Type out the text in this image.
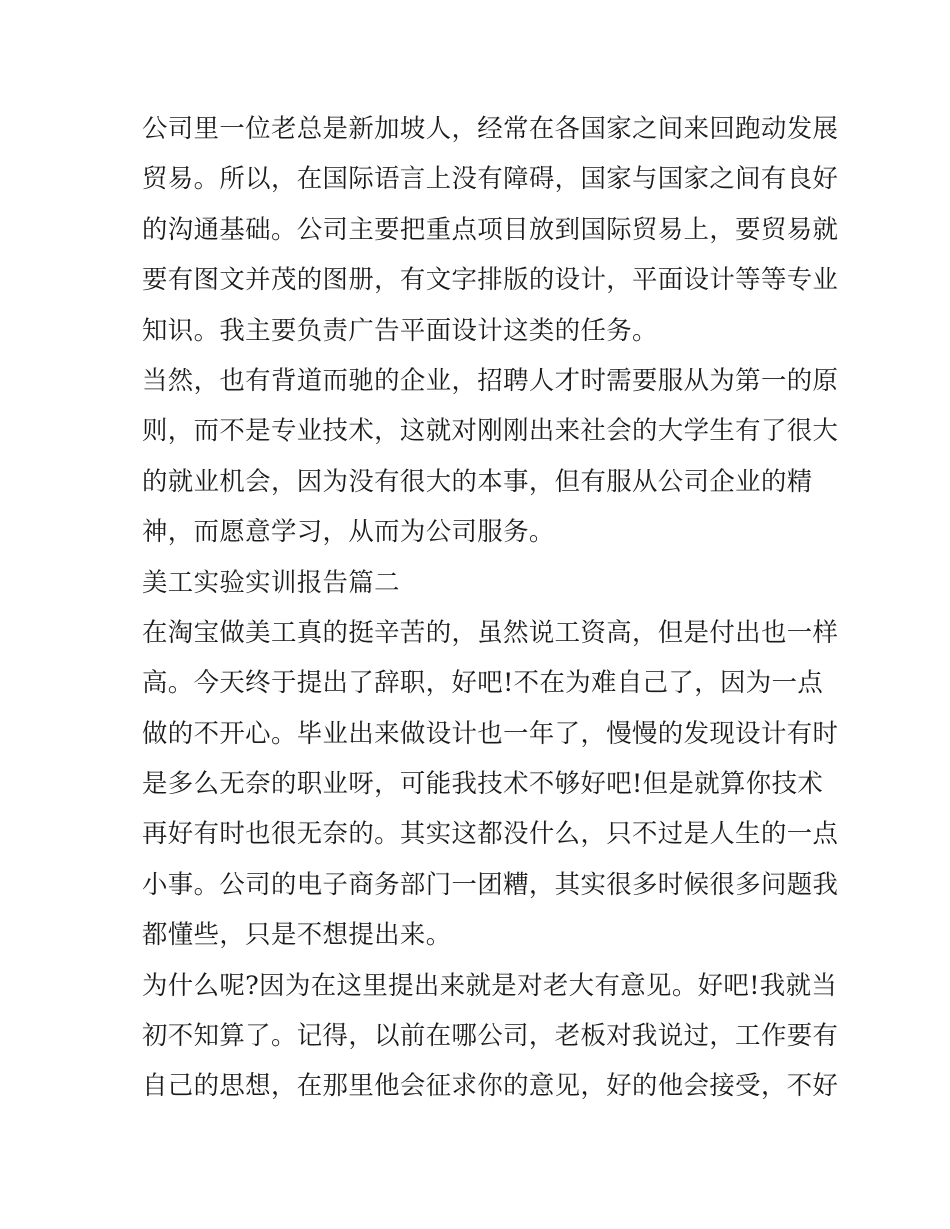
公司里一位老总是新加坡人，经常在各国家之间来回跑动发展
贸易。所以，在国际语言上没有障碍，国家与国家之间有良好
的沟通基础。公司主要把重点项目放到国际贸易上，要贸易就
要有图文并茂的图册，有文字排版的设计，平面设计等等专业
知识。我主要负责广告平面设计这类的任务。

当然，也有背道而驰的企业，招聘人才时需要服从为第一的原
则，而不是专业技术，这就对刚刚出来社会的大学生有了很大
的就业机会，因为没有很大的本事，但有服从公司企业的精
神，而愿意学习，从而为公司服务。

美工实验实训报告篇二

在淘宝做美工真的挺辛苦的，虽然说工资高，但是付出也一样
高。今天终于提出了辞职，好吧!不在为难自己了，因为一点
做的不开心。毕业出来做设计也一年了，慢慢的发现设计有时
是多么无奈的职业呀，可能我技术不够好吧!但是就算你技术
再好有时也很无奈的。其实这都没什么，只不过是人生的一点
小事。公司的电子商务部门一团糟，其实很多时候很多问题我
都懂些，只是不想提出来。

为什么呢?因为在这里提出来就是对老大有意见。好吧!我就当
初不知算了。记得，以前在哪公司，老板对我说过，工作要有
自己的思想，在那里他会征求你的意见，好的他会接受，不好
